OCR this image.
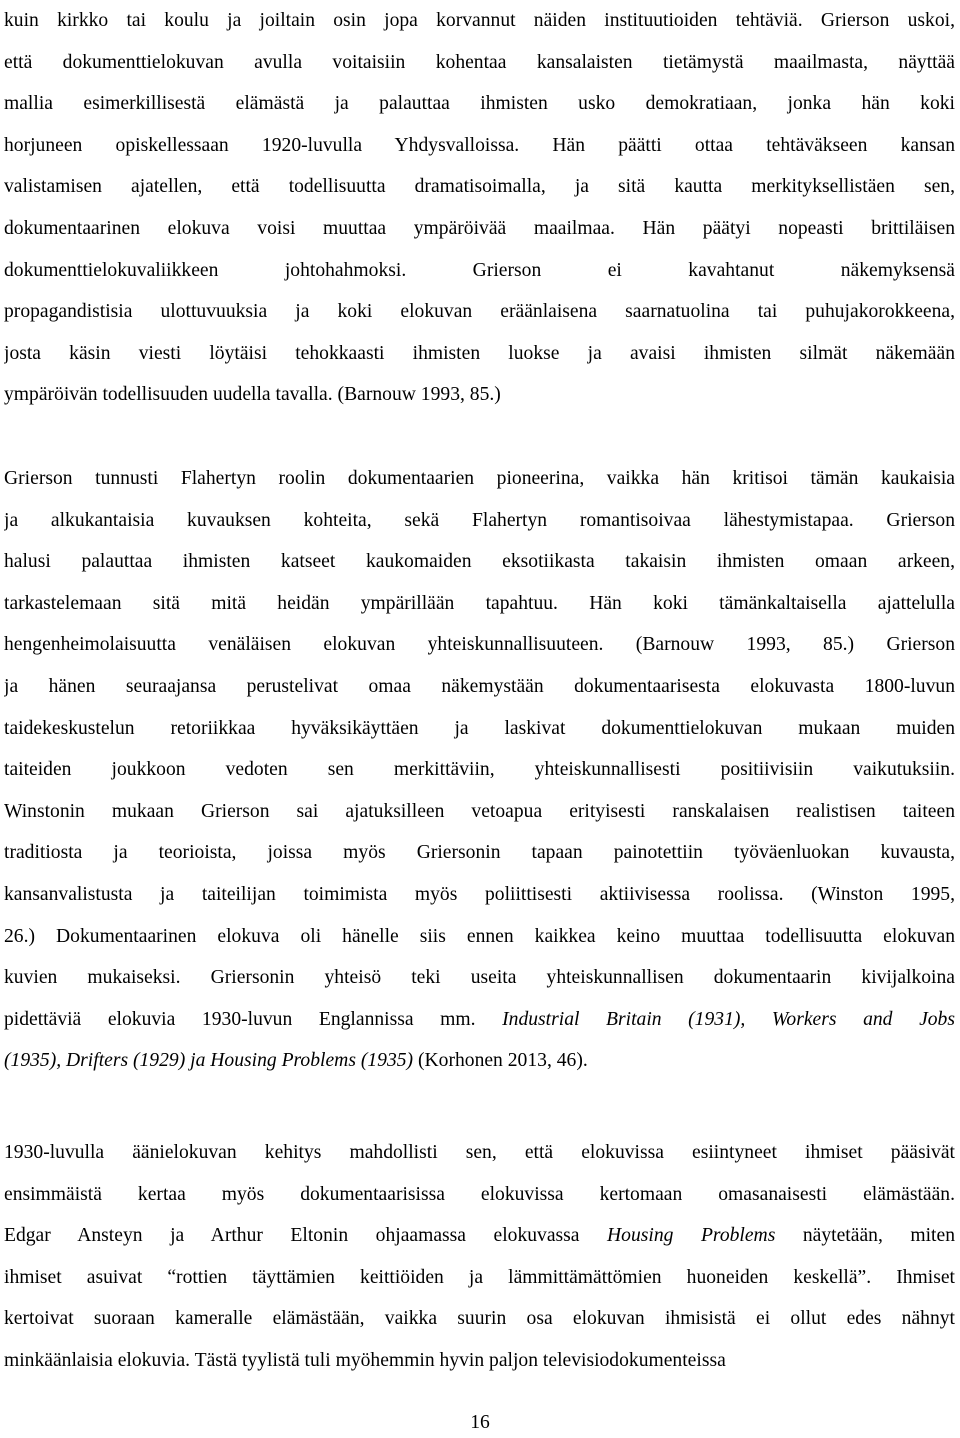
kuin kirkko tai koulu ja joiltain osin jopa korvannut näiden instituutioiden tehtäviä. Grierson uskoi,
että dokumenttielokuvan avulla voitaisiin kohentaa kansalaisten tietämystä maailmasta, näyttää
mallia esimerkillisestä elämästä ja palauttaa ihmisten usko demokratiaan, jonka hän koki
horjuneen opiskellessaan 1920-luvulla Yhdysvalloissa. Hän päätti ottaa tehtäväkseen kansan
valistamisen ajatellen, että todellisuutta dramatisoimalla, ja sitä kautta merkityksellistäen sen,
dokumentaarinen elokuva voisi muuttaa ympäröivää maailmaa. Hän päätyi nopeasti brittiläisen
dokumenttielokuvaliikkeen johtohahmoksi. Grierson ei kavahtanut näkemyksensä
propagandistisia ulottuvuuksia ja koki elokuvan eräänlaisena saarnatuolina tai puhujakorokkeena,
josta käsin viesti löytäisi tehokkaasti ihmisten luokse ja avaisi ihmisten silmät näkemään
ympäröivän todellisuuden uudella tavalla. (Barnouw 1993, 85.)
Grierson tunnusti Flahertyn roolin dokumentaarien pioneerina, vaikka hän kritisoi tämän kaukaisia
ja alkukantaisia kuvauksen kohteita, sekä Flahertyn romantisoivaa lähestymistapaa. Grierson
halusi palauttaa ihmisten katseet kaukomaiden eksotiikasta takaisin ihmisten omaan arkeen,
tarkastelemaan sitä mitä heidän ympärillään tapahtuu. Hän koki tämänkaltaisella ajattelulla
hengenheimolaisuutta venäläisen elokuvan yhteiskunnallisuuteen. (Barnouw 1993, 85.) Grierson
ja hänen seuraajansa perustelivat omaa näkemystään dokumentaarisesta elokuvasta 1800-luvun
taidekeskustelun retoriikkaa hyväksikäyttäen ja laskivat dokumenttielokuvan mukaan muiden
taiteiden joukkoon vedoten sen merkittäviin, yhteiskunnallisesti positiivisiin vaikutuksiin.
Winstonin mukaan Grierson sai ajatuksilleen vetoapua erityisesti ranskalaisen realistisen taiteen
traditiosta ja teorioista, joissa myös Griersonin tapaan painotettiin työväenluokan kuvausta,
kansanvalistusta ja taiteilijan toimimista myös poliittisesti aktiivisessa roolissa. (Winston 1995,
26.) Dokumentaarinen elokuva oli hänelle siis ennen kaikkea keino muuttaa todellisuutta elokuvan
kuvien mukaiseksi. Griersonin yhteisö teki useita yhteiskunnallisen dokumentaarin kivijalkoina
pidettäviä elokuvia 1930-luvun Englannissa mm. Industrial Britain (1931), Workers and Jobs
(1935), Drifters (1929) ja Housing Problems (1935) (Korhonen 2013, 46).
1930-luvulla äänielokuvan kehitys mahdollisti sen, että elokuvissa esiintyneet ihmiset pääsivät
ensimmäistä kertaa myös dokumentaarisissa elokuvissa kertomaan omasanaisesti elämästään.
Edgar Ansteyn ja Arthur Eltonin ohjaamassa elokuvassa Housing Problems näytetään, miten
ihmiset asuivat “rottien täyttämien keittiöiden ja lämmittämättömien huoneiden keskellä”. Ihmiset
kertoivat suoraan kameralle elämästään, vaikka suurin osa elokuvan ihmisistä ei ollut edes nähnyt
minkäänlaisia elokuvia. Tästä tyylistä tuli myöhemmin hyvin paljon televisiodokumenteissa
16
